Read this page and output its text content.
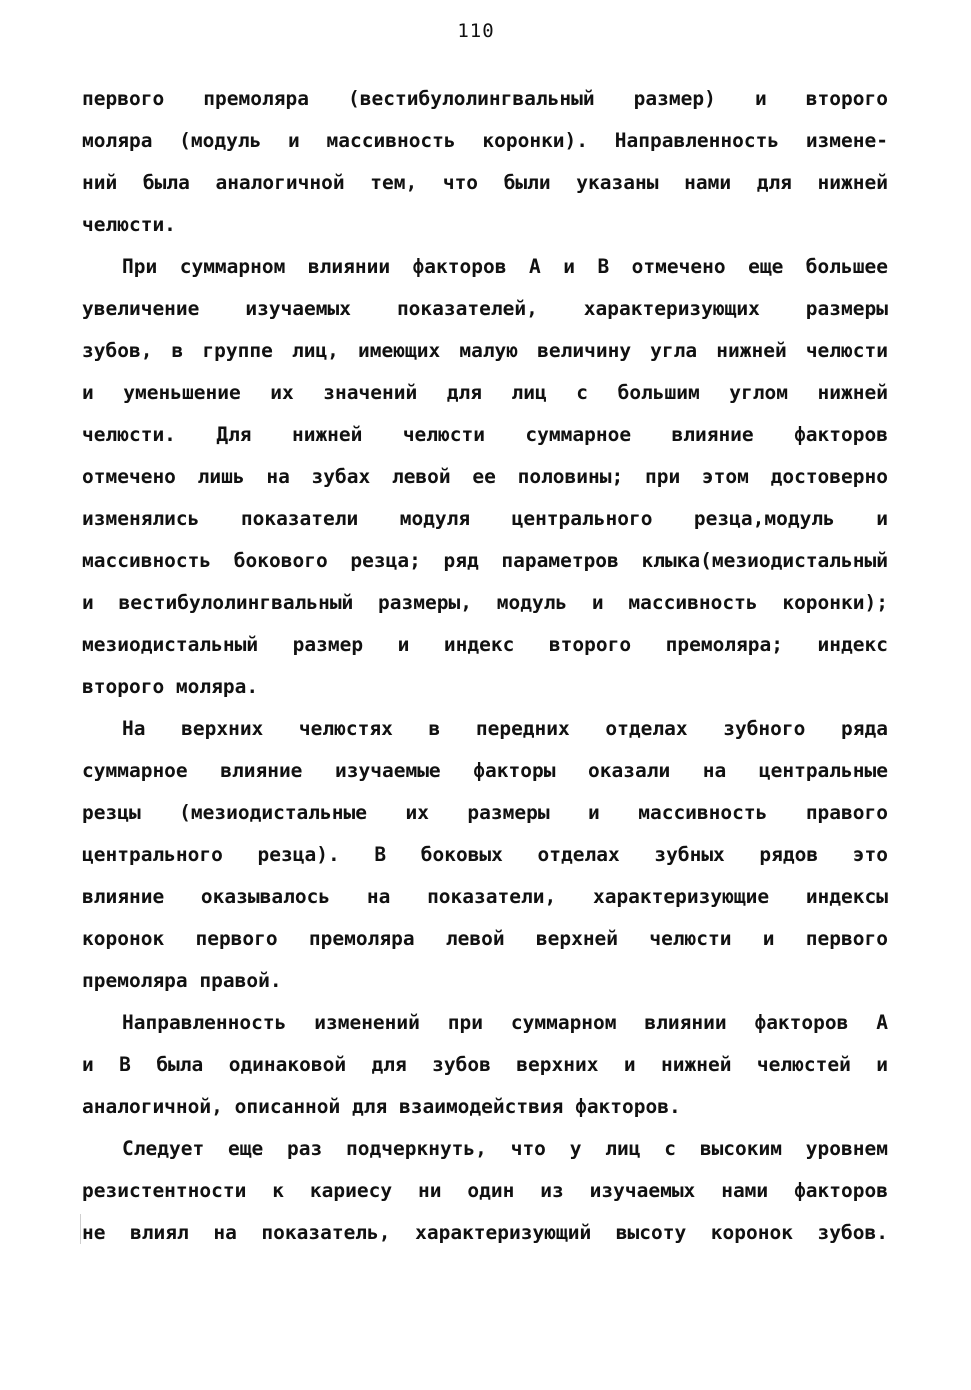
110
первого премоляра (вестибулолингвальный размер) и второго
моляра (модуль и массивность коронки). Направленность измене-
ний была аналогичной тем, что были указаны нами для нижней
челюсти.
При суммарном влиянии факторов А и В отмечено еще большее
увеличение изучаемых показателей, характеризующих размеры
зубов, в группе лиц, имеющих малую величину угла нижней челюсти
и уменьшение их значений для лиц с большим углом нижней
челюсти. Для нижней челюсти суммарное влияние факторов
отмечено лишь на зубах левой ее половины; при этом достоверно
изменялись показатели модуля центрального резца,модуль и
массивность бокового резца; ряд параметров клыка(мезиодистальный
и вестибулолингвальный размеры, модуль и массивность коронки);
мезиодистальный размер и индекс второго премоляра; индекс
второго моляра.
На верхних челюстях в передних отделах зубного ряда
суммарное влияние изучаемые факторы оказали на центральные
резцы (мезиодистальные их размеры и массивность правого
центрального резца). В боковых отделах зубных рядов это
влияние оказывалось на показатели, характеризующие индексы
коронок первого премоляра левой верхней челюсти и первого
премоляра правой.
Направленность изменений при суммарном влиянии факторов А
и В была одинаковой для зубов верхних и нижней челюстей и
аналогичной, описанной для взаимодействия факторов.
Следует еще раз подчеркнуть, что у лиц с высоким уровнем
резистентности к кариесу ни один из изучаемых нами факторов
не влиял на показатель, характеризующий высоту коронок зубов.
